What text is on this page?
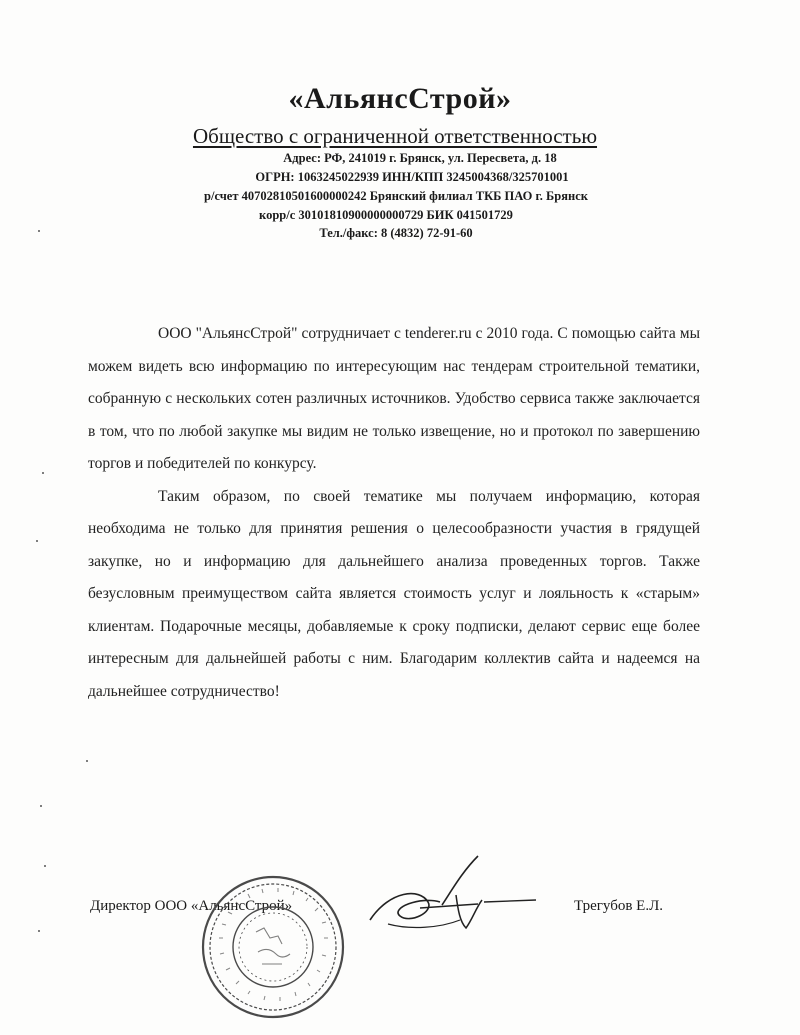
«АльянсСтрой»
Общество с ограниченной ответственностью
Адрес: РФ, 241019 г. Брянск, ул. Пересвета, д. 18
ОГРН: 1063245022939 ИНН/КПП 3245004368/325701001
р/счет 40702810501600000242 Брянский филиал ТКБ ПАО г. Брянск
корр/с 30101810900000000729 БИК 041501729
Тел./факс: 8 (4832) 72-91-60

ООО "АльянсСтрой" сотрудничает с tenderer.ru с 2010 года. С помощью сайта мы можем видеть всю информацию по интересующим нас тендерам строительной тематики, собранную с нескольких сотен различных источников. Удобство сервиса также заключается в том, что по любой закупке мы видим не только извещение, но и протокол по завершению торгов и победителей по конкурсу.

Таким образом, по своей тематике мы получаем информацию, которая необходима не только для принятия решения о целесообразности участия в грядущей закупке, но и информацию для дальнейшего анализа проведенных торгов. Также безусловным преимуществом сайта является стоимость услуг и лояльность к «старым» клиентам. Подарочные месяцы, добавляемые к сроку подписки, делают сервис еще более интересным для дальнейшей работы с ним. Благодарим коллектив сайта и надеемся на дальнейшее сотрудничество!

Директор ООО «АльянсСтрой»	Трегубов Е.Л.
